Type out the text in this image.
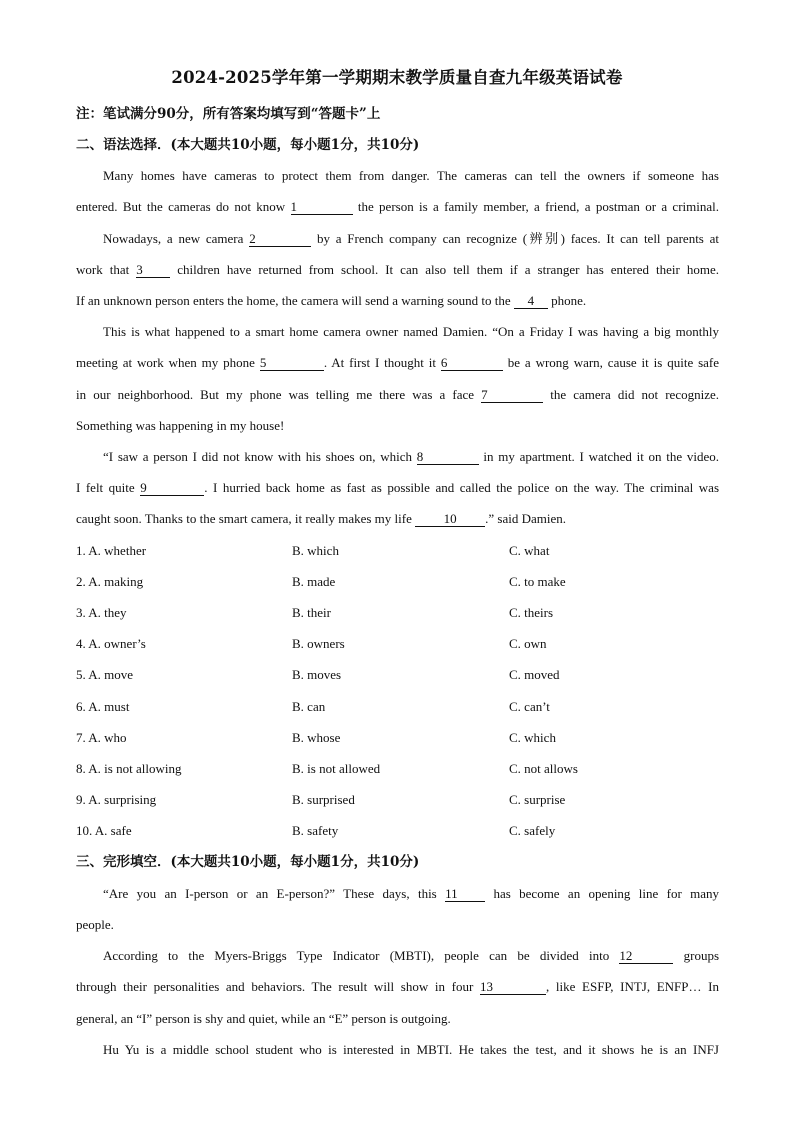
2024-2025学年第一学期期末教学质量自查九年级英语试卷
注：笔试满分90分，所有答案均填写到“答题卡”上
二、语法选择．(本大题共10小题，每小题1分，共10分)
Many homes have cameras to protect them from danger. The cameras can tell the owners if someone has
entered. But the cameras do not know 1	the person is a family member, a friend, a postman or a criminal.
Nowadays, a new camera 2	by a French company can recognize (辨别) faces. It can tell parents at
work that 3	children have returned from school. It can also tell them if a stranger has entered their home.
If an unknown person enters the home, the camera will send a warning sound to the 4 phone.
This is what happened to a smart home camera owner named Damien. “On a Friday I was having a big monthly
meeting at work when my phone 5	. At first I thought it 6	be a wrong warn, cause it is quite safe
in our neighborhood. But my phone was telling me there was a face 7	the camera did not recognize.
Something was happening in my house!
“I saw a person I did not know with his shoes on, which 8	in my apartment. I watched it on the video.
I felt quite 9	. I hurried back home as fast as possible and called the police on the way. The criminal was
caught soon. Thanks to the smart camera, it really makes my life 10 .” said Damien.
1. A. whether	B. which	C. what
2. A. making	B. made	C. to make
3. A. they	B. their	C. theirs
4. A. owner’s	B. owners	C. own
5. A. move	B. moves	C. moved
6. A. must	B. can	C. can’t
7. A. who	B. whose	C. which
8. A. is not allowing	B. is not allowed	C. not allows
9. A. surprising	B. surprised	C. surprise
10. A. safe	B. safety	C. safely
三、完形填空．(本大题共10小题，每小题1分，共10分)
“Are you an I-person or an E-person?” These days, this 11	has become an opening line for many
people.
According to the Myers-Briggs Type Indicator (MBTI), people can be divided into 12	groups
through their personalities and behaviors. The result will show in four 13	, like ESFP, INTJ, ENFP… In
general, an “I” person is shy and quiet, while an “E” person is outgoing.
Hu Yu is a middle school student who is interested in MBTI. He takes the test, and it shows he is an INFJ
